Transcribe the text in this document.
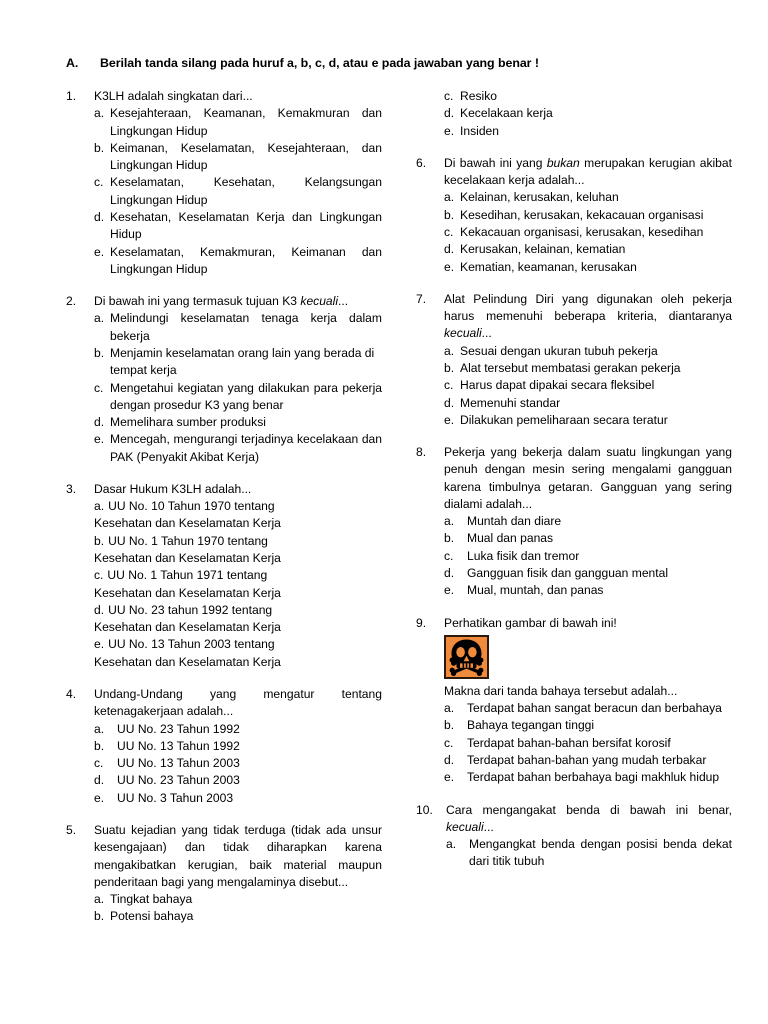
A.	Berilah tanda silang pada huruf a, b, c, d, atau e pada jawaban yang benar !
1.	K3LH adalah singkatan dari...

a. Kesejahteraan, Keamanan, Kemakmuran dan Lingkungan Hidup
b. Keimanan, Keselamatan, Kesejahteraan, dan Lingkungan Hidup
c. Keselamatan, Kesehatan, Kelangsungan Lingkungan Hidup
d. Kesehatan, Keselamatan Kerja dan Lingkungan Hidup
e. Keselamatan, Kemakmuran, Keimanan dan Lingkungan Hidup
2.	Di bawah ini yang termasuk tujuan K3 kecuali...

a. Melindungi keselamatan tenaga kerja dalam bekerja
b. Menjamin keselamatan orang lain yang berada di tempat kerja
c. Mengetahui kegiatan yang dilakukan para pekerja dengan prosedur K3 yang benar
d. Memelihara sumber produksi
e. Mencegah, mengurangi terjadinya kecelakaan dan PAK (Penyakit Akibat Kerja)
3.	Dasar Hukum K3LH adalah...

a. UU No. 10 Tahun 1970 tentang
Kesehatan dan Keselamatan Kerja
b. UU No. 1 Tahun 1970 tentang
Kesehatan dan Keselamatan Kerja
c. UU No. 1 Tahun 1971 tentang
Kesehatan dan Keselamatan Kerja
d. UU No. 23 tahun 1992 tentang
Kesehatan dan Keselamatan Kerja
e. UU No. 13 Tahun 2003 tentang
Kesehatan dan Keselamatan Kerja
4.	Undang-Undang yang mengatur tentang ketenagakerjaan adalah...

a.	UU No. 23 Tahun 1992
b.	UU No. 13 Tahun 1992
c.	UU No. 13 Tahun 2003
d.	UU No. 23 Tahun 2003
e.	UU No. 3 Tahun 2003
5.	Suatu kejadian yang tidak terduga (tidak ada unsur kesengajaan) dan tidak diharapkan karena mengakibatkan kerugian, baik material maupun penderitaan bagi yang mengalaminya disebut...

a. Tingkat bahaya
b. Potensi bahaya
c. Resiko
d. Kecelakaan kerja
e. Insiden
6.	Di bawah ini yang bukan merupakan kerugian akibat kecelakaan kerja adalah...

a. Kelainan, kerusakan, keluhan
b. Kesedihan, kerusakan, kekacauan organisasi
c. Kekacauan organisasi, kerusakan, kesedihan
d. Kerusakan, kelainan, kematian
e. Kematian, keamanan, kerusakan
7.	Alat Pelindung Diri yang digunakan oleh pekerja harus memenuhi beberapa kriteria, diantaranya kecuali...

a. Sesuai dengan ukuran tubuh pekerja
b. Alat tersebut membatasi gerakan pekerja
c. Harus dapat dipakai secara fleksibel
d. Memenuhi standar
e. Dilakukan pemeliharaan secara teratur
8.	Pekerja yang bekerja dalam suatu lingkungan yang penuh dengan mesin sering mengalami gangguan karena timbulnya getaran. Gangguan yang sering dialami adalah...

a.	Muntah dan diare
b.	Mual dan panas
c.	Luka fisik dan tremor
d.	Gangguan fisik dan gangguan mental
e.	Mual, muntah, dan panas
9.	Perhatikan gambar di bawah ini!

Makna dari tanda bahaya tersebut adalah...

a.	Terdapat bahan sangat beracun dan berbahaya
b.	Bahaya tegangan tinggi
c.	Terdapat bahan-bahan bersifat korosif
d.	Terdapat bahan-bahan yang mudah terbakar
e.	Terdapat bahan berbahaya bagi makhluk hidup
10.	Cara mengangakat benda di bawah ini benar, kecuali...

a.	Mengangkat benda dengan posisi benda dekat dari titik tubuh
